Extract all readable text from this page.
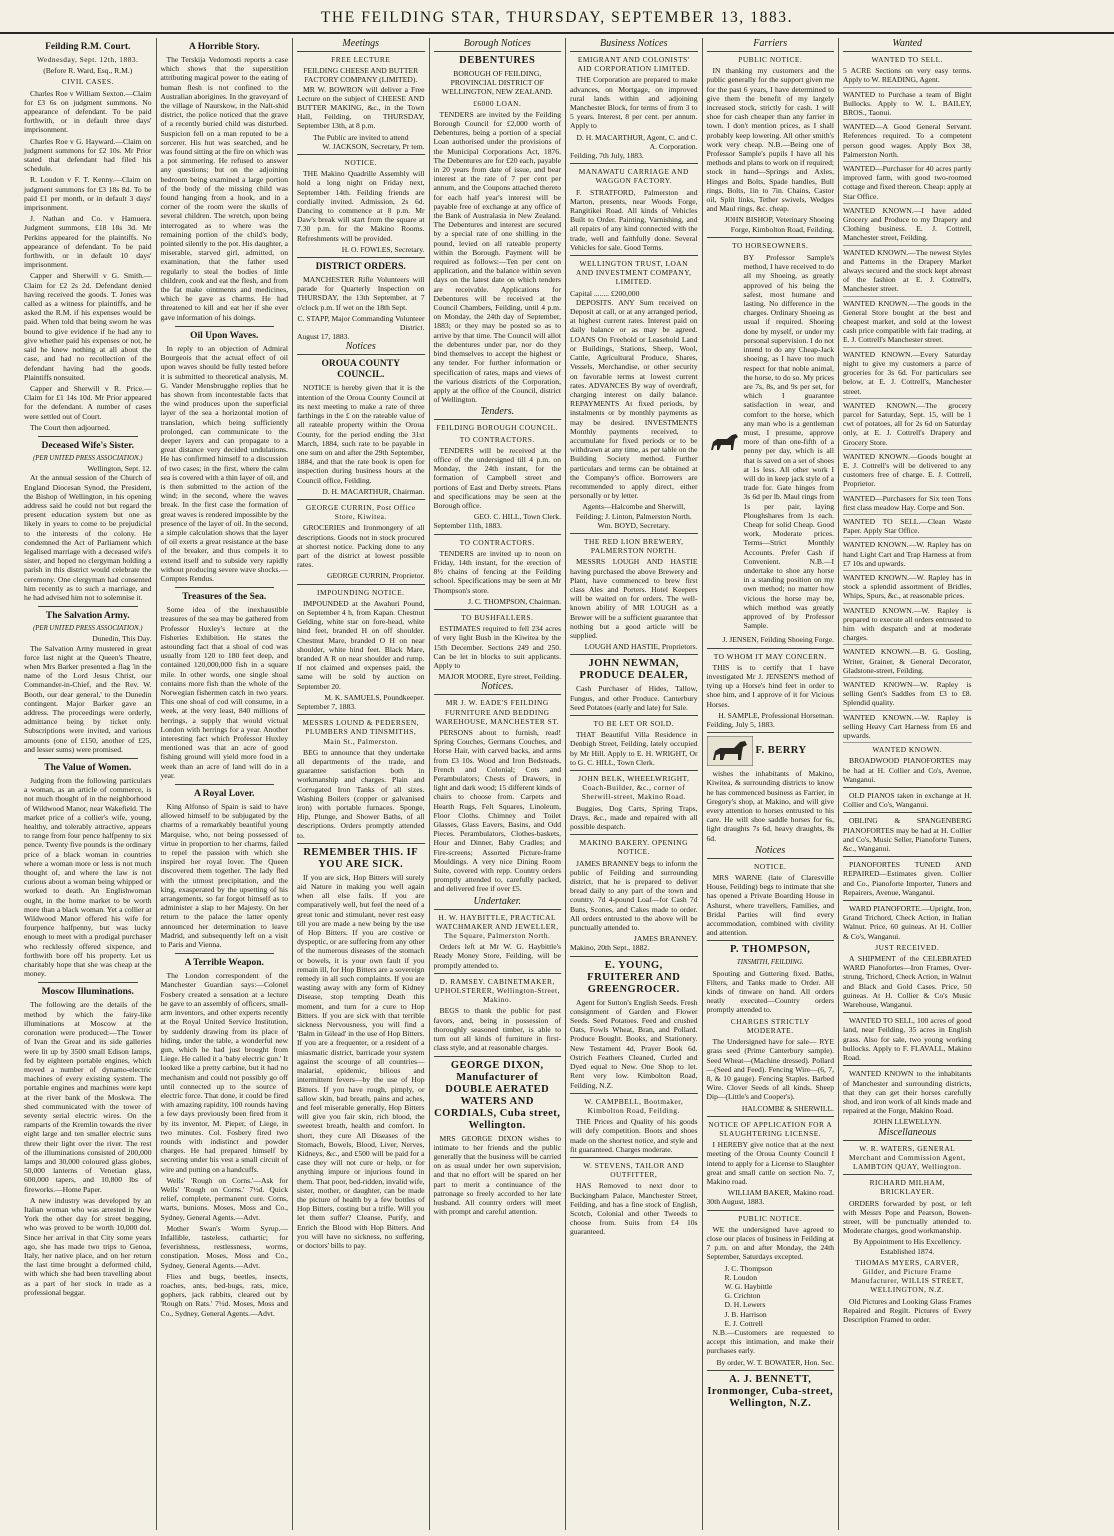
THE FEILDING STAR, THURSDAY, SEPTEMBER 13, 1883.
Feilding R.M. Court.
Wednesday, Sept. 12th, 1883.
(Before R. Ward, Esq., R.M.)
CIVIL CASES.

Charles Roe v William Sexton.—Claim for £3 6s on judgment summons. No appearance of defendant. To be paid forthwith, or in default three days' imprisonment.

Charles Roe v G. Hayward.—Claim on judgment summons for £2 10s. Mr Prior stated that defendant had filed his schedule.

R. Loudon v F. T. Kenny.—Claim on judgment summons for £3 18s 8d. To be paid £1 per month, or in default 3 days' imprisonment.

J. Nathan and Co. v Hamuera. Judgment summons, £18 18s 3d. Mr Perkins appeared for the plaintiffs. No appearance of defendant. To be paid forthwith, or in default 10 days' imprisonment.

Capper and Sherwill v G. Smith.—Claim for £2 2s 2d. Defendant denied having received the goods. T. Jones was called as a witness for plaintiffs, and he asked the R.M. if his expenses would be paid. When told that being sworn he was bound to give evidence if he had any to give whether paid his expenses or not, he said he knew nothing at all about the case, and had no recollection of the defendant having had the goods. Plaintiffs nonsuited.

Capper and Sherwill v R. Price.—Claim for £1 14s 10d. Mr Prior appeared for the defendant. A number of cases were settled out of Court.

The Court then adjourned.

Deceased Wife's Sister.
(PER UNITED PRESS ASSOCIATION.)
Wellington, Sept. 12.

At the annual session of the Church of England Diocesan Synod, the President, the Bishop of Wellington, in his opening address said he could not but regard the present education system but one as likely in years to come to be prejudicial to the interests of the colony. He condemned the Act of Parliament which legalised marriage with a deceased wife's sister, and hoped no clergyman holding a parish in this district would celebrate the ceremony. One clergyman had consented him recently as to such a marriage, and he had advised him not to solemnise it.

The Salvation Army.
(PER UNITED PRESS ASSOCIATION.)
Dunedin, This Day.

The Salvation Army mustered in great force last night at the Queen's Theatre, when Mrs Barker presented a flag 'in the name of the Lord Jesus Christ, our Commander-in-Chief, and the Rev. W. Booth, our dear general,' to the Dunedin contingent. Major Barker gave an address. The proceedings were orderly, admittance being by ticket only. Subscriptions were invited, and various amounts (one of £150, another of £25, and lesser sums) were promised.

The Value of Women.

Judging from the following particulars a woman, as an article of commerce, is not much thought of in the neighborhood of Wildwood Manor, near Wakefield. The market price of a collier's wife, young, healthy, and tolerably attractive, appears to range from four pence halfpenny to six pence. Twenty five pounds is the ordinary price of a black woman in countries where a woman more or less is not much thought of, and where the law is not curious about a woman being whipped or worked to death. An Englishwoman ought, in the home market to be worth more than a black woman. Yet a collier at Wildwood Manor offered his wife for fourpence halfpenny, but was lucky enough to meet with a prodigal purchaser who recklessly offered sixpence, and forthwith bore off his property. Let us charitably hope that she was cheap at the money.

Moscow Illuminations.

The following are the details of the method by which the fairy-like illuminations at Moscow at the coronation were produced:—The Tower of Ivan the Great and its side galleries were lit up by 3500 small Edison lamps, fed by eighteen portable engines, which moved a number of dynamo-electric machines of every existing system. The portable engines and machines were kept at the river bank of the Moskwa. The shed communicated with the tower of seventy serial electric wires. On the ramparts of the Kremlin towards the river eight large and ten smaller electric suns threw their light over the river. The rest of the illuminations consisted of 200,000 lamps and 30,000 coloured glass globes, 50,000 lanterns of Venetian glass, 600,000 tapers, and 10,800 lbs of fireworks.—Home Paper.

A new industry was developed by an Italian woman who was arrested in New York the other day for street begging, who was proved to be worth 10,000 dol. Since her arrival in that City some years ago, she has made two trips to Genoa, Italy, her native place, and on her return the last time brought a deformed child, with which she had been travelling about as a part of her stock in trade as a professional beggar.

A Horrible Story.

The Terskija Vedomosti reports a case which shows that the superstition attributing magical power to the eating of human flesh is not confined to the Australian aborigines. In the graveyard of the village of Naurskow, in the Nalt-shid district, the police noticed that the grave of a recently buried child was disturbed. Suspicion fell on a man reputed to be a sorcerer. His hut was searched, and he was found sitting at the fire on which was a pot simmering. He refused to answer any questions; but on the adjoining bedroom being examined a large portion of the body of the missing child was found hanging from a hook, and in a corner of the room were the skulls of several children. The wretch, upon being interrogated as to where was the remaining portion of the child's body, pointed silently to the pot. His daughter, a miserable, starved girl, admitted, on examination, that the father used regularly to steal the bodies of little children, cook and eat the flesh, and from the fat make ointments and medicines, which he gave as charms. He had threatened to kill and eat her if she ever gave information of his doings.

Oil Upon Waves.

In reply to an objection of Admiral Bourgeois that the actual effect of oil upon waves should be fully tested before it is submitted to theoretical analysis, M. G. Vander Mensbrugghe replies that he has shown from incontestable facts that the wind produces upon the superficial layer of the sea a horizontal motion of translation, which being sufficiently prolonged, can communicate to the deeper layers and can propagate to a great distance very decided undulations. He has confirmed himself to a discussion of two cases; in the first, where the calm sea is covered with a thin layer of oil, and is then submitted to the action of the wind; in the second, where the waves break. In the first case the formation of great waves is rendered impossible by the presence of the layer of oil. In the second, a simple calculation shows that the layer of oil exerts a great resistance at the base of the breaker, and thus compels it to extend itself and to subside very rapidly without producing severe wave shocks.—Comptes Rendus.

Treasures of the Sea.

Some idea of the inexhaustible treasures of the sea may be gathered from Professor Huxley's lecture at the Fisheries Exhibition. He states the astounding fact that a shoal of cod was usually from 120 to 180 feet deep, and contained 120,000,000 fish in a square mile. In other words, one single shoal contains more fish than the whole of the Norwegian fishermen catch in two years. This one shoal of cod will consume, in a week, at the very least, 840 millions of herrings, a supply that would victual London with herrings for a year. Another interesting fact which Professor Huxley mentioned was that an acre of good fishing ground will yield more food in a week than an acre of land will do in a year.

A Royal Lover.

King Alfonso of Spain is said to have allowed himself to be subjugated by the charms of a remarkably beautiful young Marquise, who, not being possessed of virtue in proportion to her charms, failed to repel the passion with which she inspired her royal lover. The Queen discovered them together. The lady fled with the utmost precipitation, and the king, exasperated by the upsetting of his arrangements, so far forgot himself as to administer a slap to her Majesty. On her return to the palace the latter openly announced her determination to leave Madrid, and subsequently left on a visit to Paris and Vienna.

A Terrible Weapon.

The London correspondent of the Manchester Guardian says:—Colonel Fosbery created a sensation at a lecture he gave to an assembly of officers, small-arm inventors, and other experts recently at the Royal United Service Institution, by suddenly drawing from its place of hiding, under the table, a wonderful new gun, which he had just brought from Liege. He called it a 'baby electric gun.' It looked like a pretty carbine, but it had no mechanism and could not possibly go off until connected up to the source of electric force. That done, it could be fired with amazing rapidity, 100 rounds having a few days previously been fired from it by its inventor, M. Pieper, of Liege, in two minutes. Col. Fosbery fired two rounds with indistinct and powder charges. He had prepared himself by secreting under his vest a small circuit of wire and putting on a handcuffs.

Wells' 'Rough on Corns.'—Ask for Wells' 'Rough on Corns.' 7½d. Quick relief, complete, permanent cure. Corns, warts, bunions. Moses, Moss and Co., Sydney, General Agents.—Advt.

Mother Swan's Worm Syrup.—Infallible, tasteless, cathartic; for feverishness, restlessness, worms, constipation. Moses, Moss and Co., Sydney, General Agents.—Advt.

Flies and bugs, beetles, insects, roaches, ants, bed-bugs, rats, mice, gophers, jack rabbits, cleared out by 'Rough on Rats.' 7½d. Moses, Moss and Co., Sydney, General Agents.—Advt.

Meetings
FREE LECTURE
FEILDING CHEESE AND BUTTER FACTORY COMPANY (LIMITED).

MR W. BOWRON will deliver a Free Lecture on the subject of CHEESE AND BUTTER MAKING, &c., in the Town Hall, Feilding, on THURSDAY, September 13th, at 8 p.m.

The Public are invited to attend
W. JACKSON, Secretary, Pr tem.
NOTICE.

THE Makino Quadrille Assembly will hold a long night on Friday next, September 14th. Feilding friends are cordially invited. Admission, 2s 6d. Dancing to commence at 8 p.m. Mr Daw's break will start from the square at 7.30 p.m. for the Makino Rooms. Refreshments will be provided.

H. O. FOWLES, Secretary.
DISTRICT ORDERS.

MANCHESTER Rifle Volunteers will parade for Quarterly Inspection on THURSDAY, the 13th September, at 7 o'clock p.m. If wet on the 18th Sept.

C. STAPP, Major Commanding Volunteer District.
August 17, 1883.
Notices
OROUA COUNTY COUNCIL.

NOTICE is hereby given that it is the intention of the Oroua County Council at its next meeting to make a rate of three farthings in the £ on the rateable value of all rateable property within the Oroua County, for the period ending the 31st March, 1884, such rate to be payable in one sum on and after the 29th September, 1884, and that the rate book is open for inspection during business hours at the Council office, Feilding.

D. H. MACARTHUR, Chairman.
GEORGE CURRIN, Post Office Store, Kiwitea.

GROCERIES and Ironmongery of all descriptions. Goods not in stock procured at shortest notice. Packing done to any part of the district at lowest possible rates.

GEORGE CURRIN, Proprietor.
IMPOUNDING NOTICE.

IMPOUNDED at the Awahuri Pound, on September 4 h, from Kapan. Chestnut Gelding, white star on fore-head, white hind feet, branded H on off shoulder. Chestnut Mare, branded O H on near shoulder, white hind feet. Black Mare, branded A R on near shoulder and rump. If not claimed and expenses paid, the same will be sold by auction on September 20.

M. K. SAMUELS, Poundkeeper.
September 7, 1883.
MESSRS LOUND & PEDERSEN, PLUMBERS AND TINSMITHS, Main St., Palmerston.

BEG to announce that they undertake all departments of the trade, and guarantee satisfaction both in workmanship and charges. Plain and Corrugated Iron Tanks of all sizes. Washing Boilers (copper or galvanised iron) with portable furnaces. Sponge, Hip, Plunge, and Shower Baths, of all descriptions. Orders promptly attended to.

REMEMBER THIS. IF YOU ARE SICK.

If you are sick, Hop Bitters will surely aid Nature in making you well again when all else fails. If you are comparatively well, but feel the need of a great tonic and stimulant, never rest easy till you are made a new being by the use of Hop Bitters. If you are costive or dyspeptic, or are suffering from any other of the numerous diseases of the stomach or bowels, it is your own fault if you remain ill, for Hop Bitters are a sovereign remedy in all such complaints. If you are wasting away with any form of Kidney Disease, stop tempting Death this moment, and turn for a cure to Hop Bitters. If you are sick with that terrible sickness Nervousness, you will find a 'Balm in Gilead' in the use of Hop Bitters. If you are a frequenter, or a resident of a miasmatic district, barricade your system against the scourge of all countries—malarial, epidemic, bilious and intermittent fevers—by the use of Hop Bitters. If you have rough, pimply, or sallow skin, bad breath, pains and aches, and feel miserable generally, Hop Bitters will give you fair skin, rich blood, the sweetest breath, health and comfort. In short, they cure All Diseases of the Stomach, Bowels, Blood, Liver, Nerves, Kidneys, &c., and £500 will be paid for a case they will not cure or help, or for anything impure or injurious found in them. That poor, bed-ridden, invalid wife, sister, mother, or daughter, can be made the picture of health by a few bottles of Hop Bitters, costing but a trifle. Will you let them suffer? Cleanse, Purify, and Enrich the Blood with Hop Bitters. And you will have no sickness, no suffering, or doctors' bills to pay.

Borough Notices
DEBENTURES
BOROUGH OF FEILDING, PROVINCIAL DISTRICT OF WELLINGTON, NEW ZEALAND.
£6000 LOAN.

TENDERS are invited by the Feilding Borough Council for £2,000 worth of Debentures, being a portion of a special Loan authorised under the provisions of the Municipal Corporations Act, 1876. The Debentures are for £20 each, payable in 20 years from date of issue, and bear interest at the rate of 7 per cent per annum, and the Coupons attached thereto for each half year's interest will be payable free of exchange at any office of the Bank of Australasia in New Zealand. The Debentures and interest are secured by a special rate of one shilling in the pound, levied on all rateable property within the Borough. Payment will be required as follows:—Ten per cent on application, and the balance within seven days on the latest date on which tenders are receivable. Applications for Debentures will be received at the Council Chambers, Feilding, until 4 p.m. on Monday, the 24th day of September, 1883; or they may be posted so as to arrive by that time. The Council will allot the debentures under par, nor do they bind themselves to accept the highest or any tender. For further information or specification of rates, maps and views of the various districts of the Corporation, apply at the office of the Council, district of Wellington.

Tenders.
FEILDING BOROUGH COUNCIL.
TO CONTRACTORS.

TENDERS will be received at the office of the undersigned till 4 p.m. on Monday, the 24th instant, for the formation of Campbell street and portions of East and Derby streets. Plans and specifications may be seen at the Borough office.

GEO. C. HILL, Town Clerk.
September 11th, 1883.
TO CONTRACTORS.

TENDERS are invited up to noon on Friday, 14th instant, for the erection of 8½ chains of fencing at the Feilding school. Specifications may be seen at Mr Thompson's store.

J. C. THOMPSON, Chairman.
TO BUSHFALLERS.

ESTIMATES required to fell 234 acres of very light Bush in the Kiwitea by the 15th December. Sections 249 and 250. Can be let in blocks to suit applicants. Apply to

MAJOR MOORE, Eyre street, Feilding.
Notices.
MR J. W. EADE'S FEILDING FURNITURE AND BEDDING WAREHOUSE, MANCHESTER ST.

PERSONS about to furnish, read! Spring Couches, Germans Couches, and Horse Hair, with carved backs, and arms from £3 10s. Wood and Iron Bedsteads, French and Colonial; Cots and Perambulators; Chests of Drawers, in light and dark wood; 15 different kinds of chairs to choose from. Carpets and Hearth Rugs, Felt Squares, Linoleum, Floor Cloths. Chimney and Toilet Glasses, Glass Eavers, Basins, and Odd Pieces. Perambulators, Clothes-baskets, Hour and Dinner, Baby Cradles; and Fire-screens; Assorted Picture-frame Mouldings. A very nice Dining Room Suite, covered with repp. Country orders promptly attended to, carefully packed, and delivered free if over £5.

Undertaker.
H. W. HAYBITTLE, PRACTICAL WATCHMAKER AND JEWELLER, The Square, Palmerston North.

Orders left at Mr W. G. Haybittle's Ready Money Store, Feilding, will be promptly attended to.

D. RAMSEY. CABINETMAKER, UPHOLSTERER, Wellington-Street, Makino.

BEGS to thank the public for past favors, and, being in possession of thoroughly seasoned timber, is able to turn out all kinds of furniture in first-class style, and at reasonable charges.

GEORGE DIXON, Manufacturer of DOUBLE AERATED WATERS AND CORDIALS, Cuba street, Wellington.

MRS GEORGE DIXON wishes to intimate to her friends and the public generally that the business will be carried on as usual under her own supervision, and that no effort will be spared on her part to merit a continuance of the patronage so freely accorded to her late husband. All country orders will meet with prompt and careful attention.

Business Notices
EMIGRANT AND COLONISTS' AID CORPORATION LIMITED.

THE Corporation are prepared to make advances, on Mortgage, on improved rural lands within and adjoining Manchester Block, for terms of from 3 to 5 years. Interest, 8 per cent. per annum. Apply to

D. H. MACARTHUR, Agent, C. and C. A. Corporation.
Feilding, 7th July, 1883.
MANAWATU CARRIAGE AND WAGGON FACTORY.

F. STRATFORD, Palmerston and Marton, presents, near Woods Forge, Rangitikei Road. All kinds of Vehicles Built to Order. Painting, Varnishing, and all repairs of any kind connected with the trade, well and faithfully done. Several Vehicles for sale. Good Terms.

WELLINGTON TRUST, LOAN AND INVESTMENT COMPANY, LIMITED.
Capital ........ £200,000

DEPOSITS. ANY Sum received on Deposit at call, or at any arranged period, at highest current rates. Interest paid on daily balance or as may be agreed. LOANS On Freehold or Leasehold Land or Buildings, Stations, Sheep, Wool, Cattle, Agricultural Produce, Shares, Vessels, Merchandise, or other security on favorable terms at lowest current rates. ADVANCES By way of overdraft, charging interest on daily balance. REPAYMENTS At fixed periods, by instalments or by monthly payments as may be desired. INVESTMENTS Monthly payments received, to accumulate for fixed periods or to be withdrawn at any time, as per table on the Building Society method. Further particulars and terms can be obtained at the Company's office. Borrowers are recommended to apply direct, either personally or by letter.

Agents—Halcombe and Sherwill, Feilding; J. Linton, Palmerston North. Wm. BOYD, Secretary.
THE RED LION BREWERY, PALMERSTON NORTH.

MESSRS LOUGH AND HASTIE having purchased the above Brewery and Plant, have commenced to brew first class Ales and Porters. Hotel Keepers will be waited on for orders. The well-known ability of MR LOUGH as a Brewer will be a sufficient guarantee that nothing but a good article will be supplied.

LOUGH AND HASTIE, Proprietors.
JOHN NEWMAN, PRODUCE DEALER,

Cash Purchaser of Hides, Tallow, Fungus, and other Produce. Canterbury Seed Potatoes (early and late) for Sale.

TO BE LET OR SOLD.

THAT Beautiful Villa Residence in Denbigh Street, Feilding, lately occupied by Mr Hill. Apply to E. H. WRIGHT, Or to G. C. HILL, Town Clerk.

JOHN BELK, WHEELWRIGHT, Coach-Builder, &c., corner of Sherwill-street, Makino Road.

Buggies, Dog Carts, Spring Traps, Drays, &c., made and repaired with all possible despatch.

MAKINO BAKERY. OPENING NOTICE.

JAMES BRANNEY begs to inform the public of Feilding and surrounding district, that he is prepared to deliver bread daily to any part of the town and country. 7d 4-pound Loaf—for Cash 7d Buns, Scones, and Cakes made to order. All orders entrusted to the above will be punctually attended to.

JAMES BRANNEY.
Makino, 20th Sept., 1882.
E. YOUNG, FRUITERER AND GREENGROCER.

Agent for Sutton's English Seeds. Fresh consignment of Garden and Flower Seeds. Seed Potatoes. Feed and crushed Oats, Fowls Wheat, Bran, and Pollard. Produce Bought. Books, and Stationery. New Testament 4d, Prayer Book 6d. Ostrich Feathers Cleaned, Curled and Dyed equal to New. One Shop to let. Rent very low. Kimbolton Road, Feilding, N.Z.

W. CAMPBELL, Bootmaker, Kimbolton Road, Feilding.

THE Prices and Quality of his goods will defy competition. Boots and shoes made on the shortest notice, and style and fit guaranteed. Charges moderate.

W. STEVENS, TAILOR AND OUTFITTER,

HAS Removed to next door to Buckingham Palace, Manchester Street, Feilding, and has a fine stock of English, Scotch, Colonial and other Tweeds to choose from. Suits from £4 10s guaranteed.

Farriers
PUBLIC NOTICE.

IN thanking my customers and the public generally for the support given me for the past 6 years, I have determined to give them the benefit of my largely increased stock, strictly for cash. I will shoe for cash cheaper than any farrier in town. I don't mention prices, as I shall probably keep lowering. All other smith's work very cheap. N.B.—Being one of Professor Sample's pupils I have all his methods and plans to work on if required; stock in hand—Springs and Axles, Hinges and Bolts, Spade handles, Bull rings, Bolts, 1in to 7in. Chains, Castor oil, Split links, Tether swivels, Wedges and Maul rings, &c. cheap.

JOHN BISHOP, Veterinary Shoeing Forge, Kimbolton Road, Feilding.
TO HORSEOWNERS.

BY Professor Sample's method, I have received to do all my Shoeing, as greatly approved of his being the safest, most humane and lasting. No difference in the charges. Ordinary Shoeing as usual if required. Shoeing done by myself, or under my personal supervision. I do not intend to do any Cheap-Jack shoeing, as I have too much respect for that noble animal, the horse, to do so. My prices are 7s, 8s, and 9s per set, for which I guarantee satisfaction in wear, and comfort to the horse, which any man who is a gentleman must, I presume, approve more of than one-fifth of a penny per day, which is all that is saved on a set of shoes at 1s less. All other work I will do in keep jack style of a trade for. Gate hinges from 3s 6d per lb. Maul rings from 1s per pair, laying Ploughshares from 1s each. Cheap for solid Cheap. Good work, Moderate prices. Terms—Strict Monthly Accounts. Prefer Cash if Convenient. N.B.—I undertake to shoe any horse in a standing position on my own method; no matter how vicious the horse may be, which method was greatly approved of by Professor Sample.

J. JENSEN, Feilding Shoeing Forge.
TO WHOM IT MAY CONCERN.

THIS is to certify that I have investigated Mr J. JENSEN'S method of tying up a Horse's hind feet in order to shoe him, and I approve of it for Vicious Horses.

H. SAMPLE, Professional Horseman.
Feilding, July 5, 1883.
F. BERRY

wishes the inhabitants of Makino, Kiwitea, & surrounding districts to know he has commenced business as Farrier, in Gregory's shop, at Makino, and will give every attention to horses entrusted to his care. He will shoe saddle horses for 6s, light draughts 7s 6d, heavy draughts, 8s 6d.

Notices
NOTICE.

MRS WARNE (late of Claresville House, Feilding) begs to intimate that she has opened a Private Boarding House in Ashurst, where travellers, Families, and Bridal Parties will find every accommodation, combined with civility and attention.

P. THOMPSON,
TINSMITH, FEILDING.

Spouting and Guttering fixed. Baths, Filters, and Tanks made to Order. All kinds of tinware on hand. All orders neatly executed—Country orders promptly attended to.

CHARGES STRICTLY MODERATE.

The Undersigned have for sale— RYE grass seed (Prime Canterbury sample). Seed Wheat—(Machine dressed). Pollard—(Seed and Feed). Fencing Wire—(6, 7, 8, & 10 gauge). Fencing Staples. Barbed Wire. Clover Seeds of all kinds. Sheep Dip—(Little's and Cooper's).

HALCOMBE & SHERWILL.
NOTICE OF APPLICATION FOR A SLAUGHTERING LICENSE.

I HEREBY give notice that at the next meeting of the Oroua County Council I intend to apply for a License to Slaughter great and small cattle on section No. 7, Makino road.

WILLIAM BAKER, Makino road.
30th August, 1883.
PUBLIC NOTICE.

WE the undersigned have agreed to close our places of business in Feilding at 7 p.m. on and after Monday, the 24th September, Saturdays excepted.

J. C. Thompson
R. Loudon
W. G. Haybittle
G. Crichton
D. H. Lewers
J. B. Harrison
E. J. Cottrell

N.B.—Customers are requested to accept this intimation, and make their purchases early.

By order, W. T. BOWATER, Hon. Sec.
A. J. BENNETT, Ironmonger, Cuba-street, Wellington, N.Z.
Wanted
WANTED TO SELL.
5 ACRE Sections on very easy terms. Apply to W. READING, Agent.
WANTED to Purchase a team of Bight Bullocks. Apply to W. L. BAILEY, BROS., Taonui.
WANTED—A Good General Servant. References required. To a competent person good wages. Apply Box 38, Palmerston North.
WANTED—Purchaser for 40 acres partly improved farm, with good two-roomed cottage and fixed thereon. Cheap: apply at Star Office.
WANTED KNOWN.—I have added Grocery and Produce to my Drapery and Clothing business. E. J. Cottrell, Manchester street, Feilding.
WANTED KNOWN.—The newest Styles and Patterns in the Drapery Market always secured and the stock kept abreast of the fashion at E. J. Cottrell's, Manchester street.
WANTED KNOWN.—The goods in the General Store bought at the best and cheapest market, and sold at the lowest cash price compatible with fair trading, at E. J. Cottrell's Manchester street.
WANTED KNOWN.—Every Saturday night to give my customers a parce of groceries for 3s 6d. For particulars see below, at E. J. Cottrell's, Manchester street.
WANTED KNOWN.—The grocery parcel for Saturday, Sept. 15, will be 1 cwt of potatoes, all for 2s 6d on Saturday only, at E. J. Cottrell's Drapery and Grocery Store.
WANTED KNOWN.—Goods bought at E. J. Cottrell's will be delivered to any customers free of charge. E. J. Cottrell, Proprietor.
WANTED—Purchasers for Six teen Tons first class meadow Hay. Corpe and Son.
WANTED TO SELL.—Clean Waste Paper. Apply Star Office.
WANTED KNOWN.—W. Rapley has on hand Light Cart and Trap Harness at from £7 10s and upwards.
WANTED KNOWN.—W. Rapley has in stock a splendid assortment of Bridles, Whips, Spurs, &c., at reasonable prices.
WANTED KNOWN.—W. Rapley is prepared to execute all orders entrusted to him with despatch and at moderate charges.
WANTED KNOWN.—B. G. Gosling, Writer, Grainer, & General Decorator, Gladstone-street, Feilding.
WANTED KNOWN—W. Rapley is selling Gent's Saddles from £3 to £8. Splendid quality.
WANTED KNOWN.—W. Rapley is selling Heavy Cart Harness from £6 and upwards.
WANTED KNOWN.

BROADWOOD PIANOFORTES may be had at H. Collier and Co's, Avenue, Wanganui.

OLD PIANOS taken in exchange at H. Collier and Co's, Wanganui.

OBLING & SPANGENBERG PIANOFORTES may be had at H. Collier and Co's, Music Seller, Pianoforte Tuners, &c., Wanganui.

PIANOFORTES TUNED AND REPAIRED—Estimates given. Collier and Co., Pianoforte Importer, Tuners and Repairers, Avenue, Wanganui.

WARD PIANOFORTE.—Upright, Iron, Grand Trichord, Check Action, in Italian Walnut. Price, 60 guineas. At H. Collier & Co's, Wanganui.

JUST RECEIVED.

A SHIPMENT of the CELEBRATED WARD Pianofortes—Iron Frames, Over-strung, Trichord, Check Action, in Walnut and Black and Gold Cases. Price, 50 guineas. At H. Collier & Co's Music Warehouse, Wanganui.

WANTED TO SELL, 100 acres of good land, near Feilding, 35 acres in English grass. Also for sale, two young working bullocks. Apply to F. FLAVALL, Makino Road.

WANTED KNOWN to the inhabitants of Manchester and surrounding districts, that they can get their horses carefully shod, and iron work of all kinds made and repaired at the Forge, Makino Road.

JOHN LLEWELLYN.
Miscellaneous
W. R. WATERS, GENERAL Merchant and Commission Agent, LAMBTON QUAY, Wellington.
RICHARD MILHAM, BRICKLAYER.

ORDERS forwarded by post, or left with Messrs Pope and Pearson, Bowen-street, will be punctually attended to. Moderate charges, good workmanship.

By Appointment to His Excellency. Established 1874.
THOMAS MYERS, CARVER, Gilder, and Picture Frame Manufacturer, WILLIS STREET, WELLINGTON, N.Z.

Old Pictures and Looking Glass Frames Repaired and Regilt. Pictures of Every Description Framed to order.
